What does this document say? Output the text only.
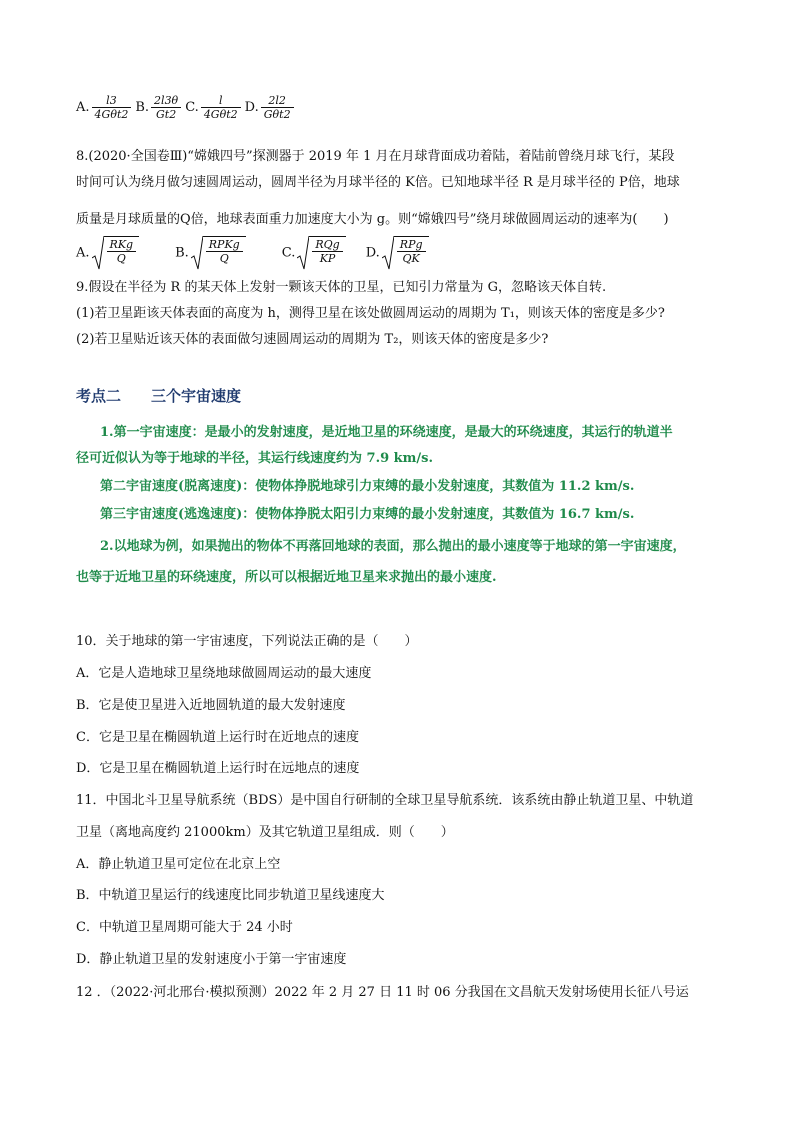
A. $\frac{l3}{\text{4Gθt2}} B$. $\frac{2l3\theta}{Gt2} C$. $\frac{l}{\text{4Gθt2}} D$. $\frac{2l2}{\text{Gθt2}}$
8.(2020·全国卷Ⅲ)“嫦娥四号”探测器于 2019 年 1 月在月球背面成功着陆，着陆前曾绕月球飞行，某段
时间可认为绕月做匀速圆周运动，圆周半径为月球半径的 K倍。已知地球半径 R 是月球半径的 P倍，地球
质量是月球质量的Q倍，地球表面重力加速度大小为 g。则“嫦娥四号”绕月球做圆周运动的速率为(　　)
A. $\frac{\text{RKg}}{Q}$	B. $\frac{\text{RPKg}}{Q}$	C. $\frac{\text{RQg}}{KP} D$. $\frac{\text{RPg}}{QK}$
9.假设在半径为 R 的某天体上发射一颗该天体的卫星，已知引力常量为 G，忽略该天体自转.
(1)若卫星距该天体表面的高度为 h，测得卫星在该处做圆周运动的周期为 T₁，则该天体的密度是多少?
(2)若卫星贴近该天体的表面做匀速圆周运动的周期为 T₂，则该天体的密度是多少?
考点二　　三个宇宙速度
1.第一宇宙速度：是最小的发射速度，是近地卫星的环绕速度，是最大的环绕速度，其运行的轨道半
径可近似认为等于地球的半径，其运行线速度约为 7.9 km/s.
第二宇宙速度(脱离速度)：使物体挣脱地球引力束缚的最小发射速度，其数值为 11.2 km/s.
第三宇宙速度(逃逸速度)：使物体挣脱太阳引力束缚的最小发射速度，其数值为 16.7 km/s.
2.以地球为例，如果抛出的物体不再落回地球的表面，那么抛出的最小速度等于地球的第一宇宙速度，
也等于近地卫星的环绕速度，所以可以根据近地卫星来求抛出的最小速度.
10．关于地球的第一宇宙速度，下列说法正确的是（　　）
A．它是人造地球卫星绕地球做圆周运动的最大速度
B．它是使卫星进入近地圆轨道的最大发射速度
C．它是卫星在椭圆轨道上运行时在近地点的速度
D．它是卫星在椭圆轨道上运行时在远地点的速度
11．中国北斗卫星导航系统（BDS）是中国自行研制的全球卫星导航系统．该系统由静止轨道卫星、中轨道
卫星（离地高度约 21000km）及其它轨道卫星组成．则（　　）
A．静止轨道卫星可定位在北京上空
B．中轨道卫星运行的线速度比同步轨道卫星线速度大
C．中轨道卫星周期可能大于 24 小时
D．静止轨道卫星的发射速度小于第一宇宙速度
12 ．（2022·河北邢台·模拟预测）2022 年 2 月 27 日 11 时 06 分我国在文昌航天发射场使用长征八号运
